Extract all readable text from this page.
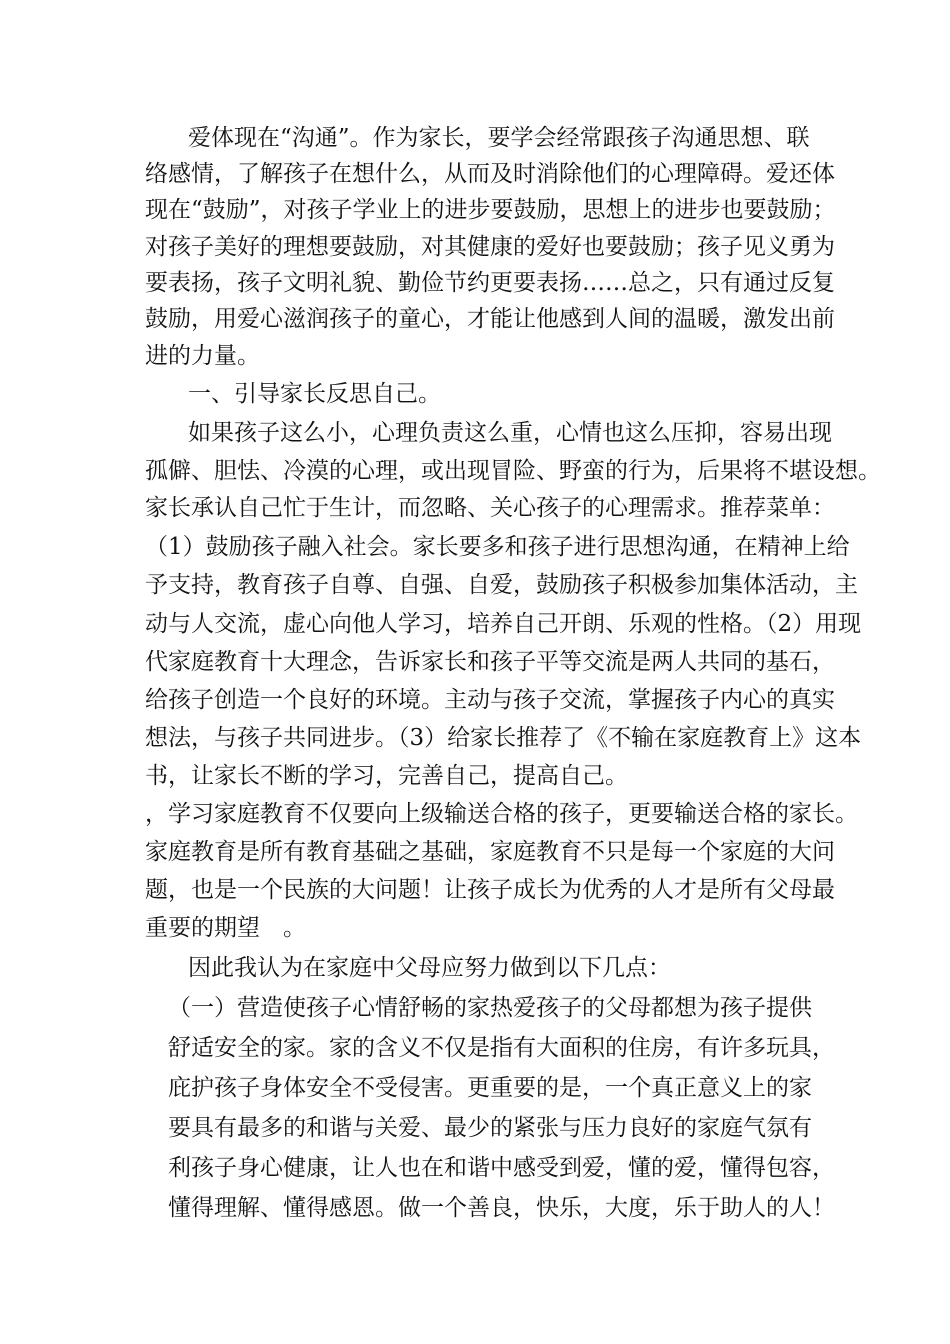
爱体现在“沟通”。作为家长，要学会经常跟孩子沟通思想、联
络感情，了解孩子在想什么，从而及时消除他们的心理障碍。爱还体
现在“鼓励”，对孩子学业上的进步要鼓励，思想上的进步也要鼓励；
对孩子美好的理想要鼓励，对其健康的爱好也要鼓励；孩子见义勇为
要表扬，孩子文明礼貌、勤俭节约更要表扬……总之，只有通过反复
鼓励，用爱心滋润孩子的童心，才能让他感到人间的温暖，激发出前
进的力量。
一、引导家长反思自己。
如果孩子这么小，心理负责这么重，心情也这么压抑，容易出现
孤僻、胆怯、冷漠的心理，或出现冒险、野蛮的行为，后果将不堪设想。
家长承认自己忙于生计，而忽略、关心孩子的心理需求。推荐菜单：
（1）鼓励孩子融入社会。家长要多和孩子进行思想沟通，在精神上给
予支持，教育孩子自尊、自强、自爱，鼓励孩子积极参加集体活动，主
动与人交流，虚心向他人学习，培养自己开朗、乐观的性格。（2）用现
代家庭教育十大理念，告诉家长和孩子平等交流是两人共同的基石，
给孩子创造一个良好的环境。主动与孩子交流，掌握孩子内心的真实
想法，与孩子共同进步。（3）给家长推荐了《不输在家庭教育上》这本
书，让家长不断的学习，完善自己，提高自己。
，学习家庭教育不仅要向上级输送合格的孩子，更要输送合格的家长。
家庭教育是所有教育基础之基础，家庭教育不只是每一个家庭的大问
题，也是一个民族的大问题！让孩子成长为优秀的人才是所有父母最
重要的期望　。
因此我认为在家庭中父母应努力做到以下几点：
（一）营造使孩子心情舒畅的家热爱孩子的父母都想为孩子提供
舒适安全的家。家的含义不仅是指有大面积的住房，有许多玩具，
庇护孩子身体安全不受侵害。更重要的是，一个真正意义上的家
要具有最多的和谐与关爱、最少的紧张与压力良好的家庭气氛有
利孩子身心健康，让人也在和谐中感受到爱，懂的爱，懂得包容，
懂得理解、懂得感恩。做一个善良，快乐，大度，乐于助人的人！
